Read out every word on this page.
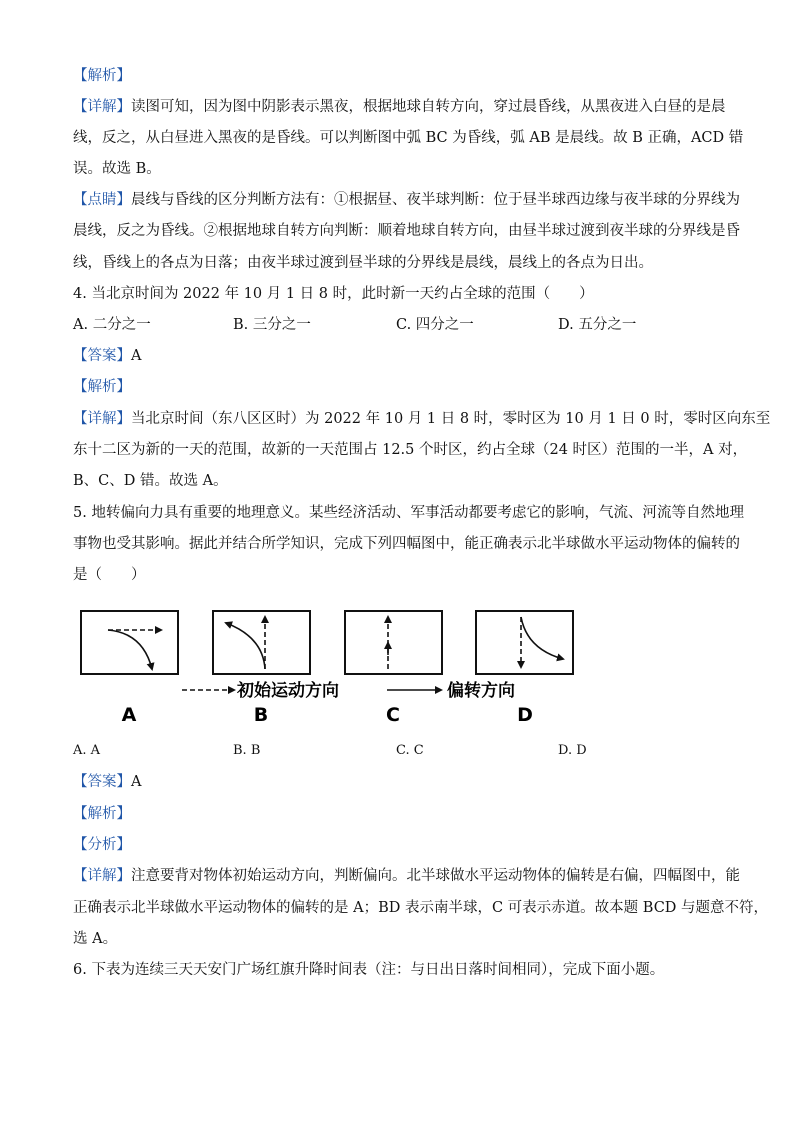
【解析】
【详解】读图可知，因为图中阴影表示黑夜，根据地球自转方向，穿过晨昏线，从黑夜进入白昼的是晨
线，反之，从白昼进入黑夜的是昏线。可以判断图中弧 BC 为昏线，弧 AB 是晨线。故 B 正确，ACD 错
误。故选 B。
【点睛】晨线与昏线的区分判断方法有：①根据昼、夜半球判断：位于昼半球西边缘与夜半球的分界线为
晨线，反之为昏线。②根据地球自转方向判断：顺着地球自转方向，由昼半球过渡到夜半球的分界线是昏
线，昏线上的各点为日落；由夜半球过渡到昼半球的分界线是晨线，晨线上的各点为日出。
4. 当北京时间为 2022 年 10 月 1 日 8 时，此时新一天约占全球的范围（　　）
A. 二分之一	B. 三分之一	C. 四分之一	D. 五分之一
【答案】A
【解析】
【详解】当北京时间（东八区区时）为 2022 年 10 月 1 日 8 时，零时区为 10 月 1 日 0 时，零时区向东至
东十二区为新的一天的范围，故新的一天范围占 12.5 个时区，约占全球（24 时区）范围的一半，A 对，
B、C、D 错。故选 A。
5. 地转偏向力具有重要的地理意义。某些经济活动、军事活动都要考虑它的影响，气流、河流等自然地理
事物也受其影响。据此并结合所学知识，完成下列四幅图中，能正确表示北半球做水平运动物体的偏转的
是（　　）
初始运动方向	偏转方向
A	B	C	D
A. A	B. B	C. C	D. D
【答案】A
【解析】
【分析】
【详解】注意要背对物体初始运动方向，判断偏向。北半球做水平运动物体的偏转是右偏，四幅图中，能
正确表示北半球做水平运动物体的偏转的是 A；BD 表示南半球，C 可表示赤道。故本题 BCD 与题意不符，
选 A。
6. 下表为连续三天天安门广场红旗升降时间表（注：与日出日落时间相同），完成下面小题。
